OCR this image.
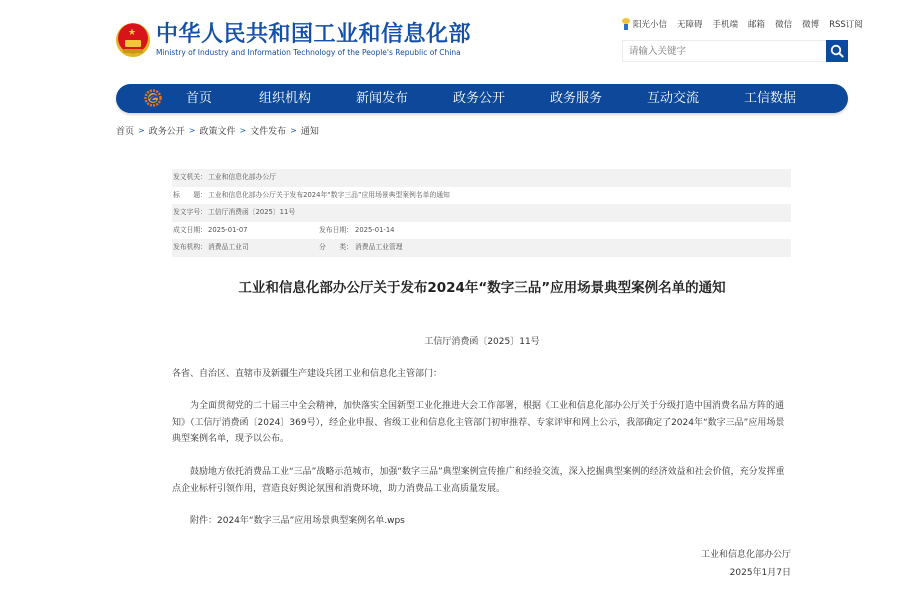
★ 中华人民共和国工业和信息化部
Ministry of Industry and Information Technology of the People's Republic of China
阳光小信 无障碍 手机端 邮箱 微信 微博 RSS订阅
请输入关键字
首页	组织机构	新闻发布	政务公开	政务服务	互动交流	工信数据
首页 > 政务公开 > 政策文件 > 文件发布 > 通知
发文机关： 工业和信息化部办公厅
标　　题： 工业和信息化部办公厅关于发布2024年“数字三品”应用场景典型案例名单的通知
发文字号： 工信厅消费函〔2025〕11号
成文日期： 2025-01-07	发布日期： 2025-01-14
发布机构： 消费品工业司	分　　类： 消费品工业管理
工业和信息化部办公厅关于发布2024年“数字三品”应用场景典型案例名单的通知
工信厅消费函〔2025〕11号
各省、自治区、直辖市及新疆生产建设兵团工业和信息化主管部门：
为全面贯彻党的二十届三中全会精神，加快落实全国新型工业化推进大会工作部署，根据《工业和信息化部办公厅关于分级打造中国消费名品方阵的通知》（工信厅消费函〔2024〕369号），经企业申报、省级工业和信息化主管部门初审推荐、专家评审和网上公示，我部确定了2024年“数字三品”应用场景典型案例名单，现予以公布。
鼓励地方依托消费品工业“三品”战略示范城市，加强“数字三品”典型案例宣传推广和经验交流，深入挖掘典型案例的经济效益和社会价值，充分发挥重点企业标杆引领作用，营造良好舆论氛围和消费环境，助力消费品工业高质量发展。
附件：2024年“数字三品”应用场景典型案例名单.wps
工业和信息化部办公厅
2025年1月7日
